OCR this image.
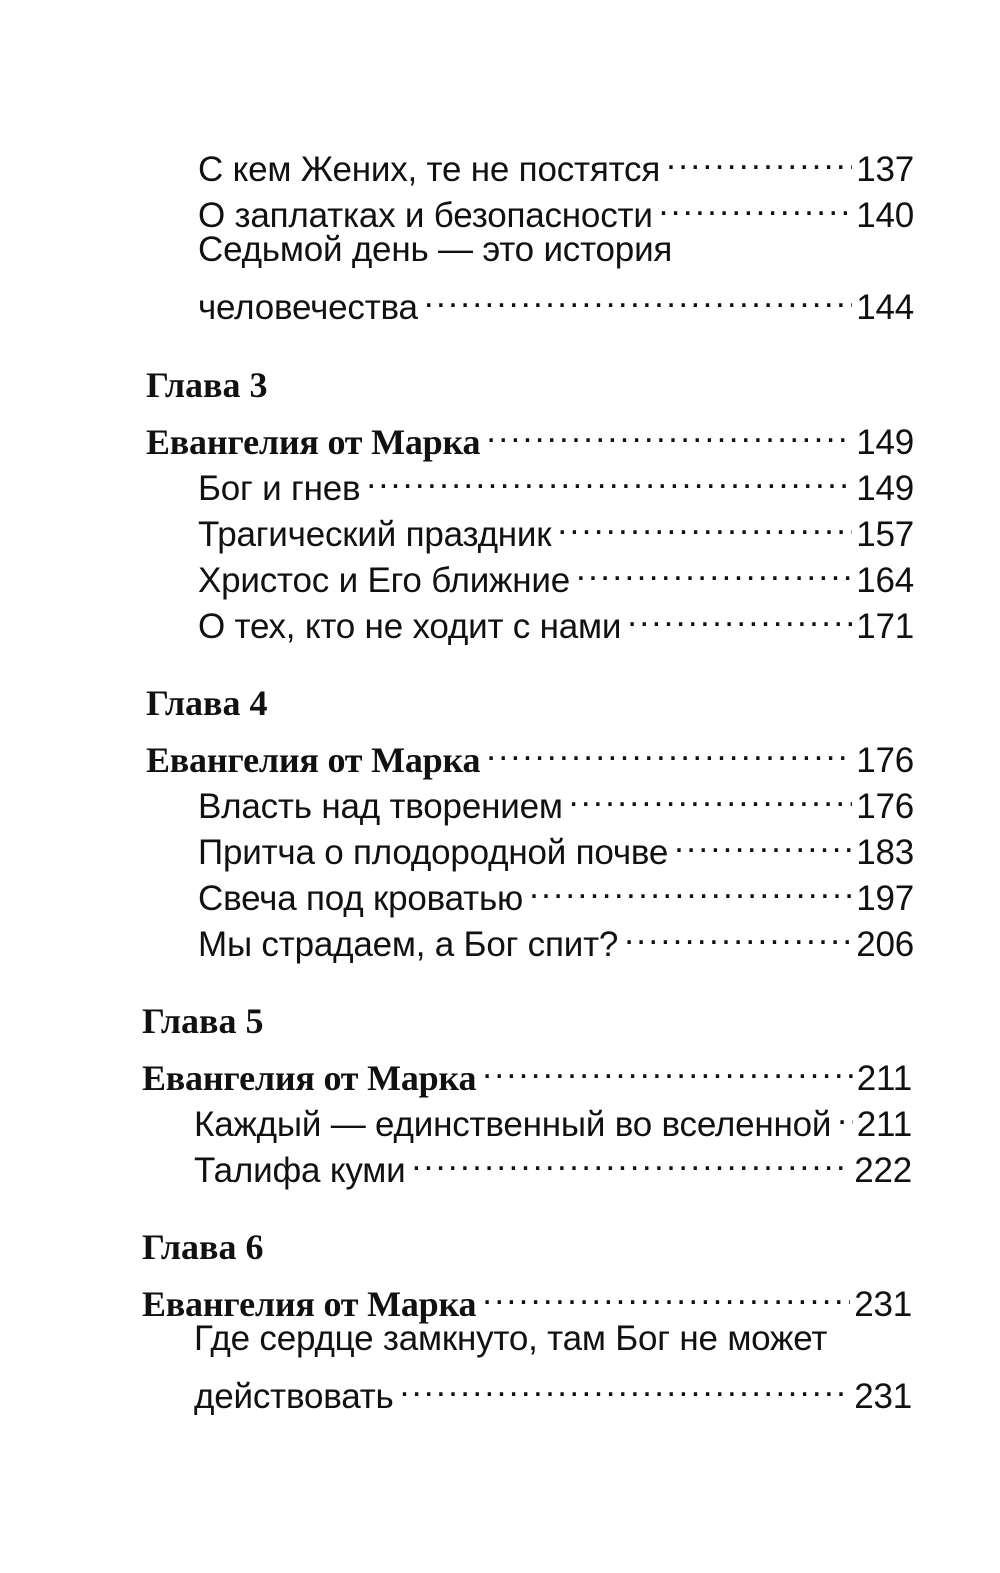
С кем Жених, те не постятся .....	137
О заплатках и безопасности .....	140
Седьмой день — это история
человечества .....	144
Глава 3
Евангелия от Марка .....	149
Бог и гнев .....	149
Трагический праздник .....	157
Христос и Его ближние .....	164
О тех, кто не ходит с нами .....	171
Глава 4
Евангелия от Марка .....	176
Власть над творением .....	176
Притча о плодородной почве .....	183
Свеча под кроватью .....	197
Мы страдаем, а Бог спит? .....	206
Глава 5
Евангелия от Марка .....	211
Каждый — единственный во вселенной ..... 211
Талифа куми .....	222
Глава 6
Евангелия от Марка .....	231
Где сердце замкнуто, там Бог не может
действовать .....	231
